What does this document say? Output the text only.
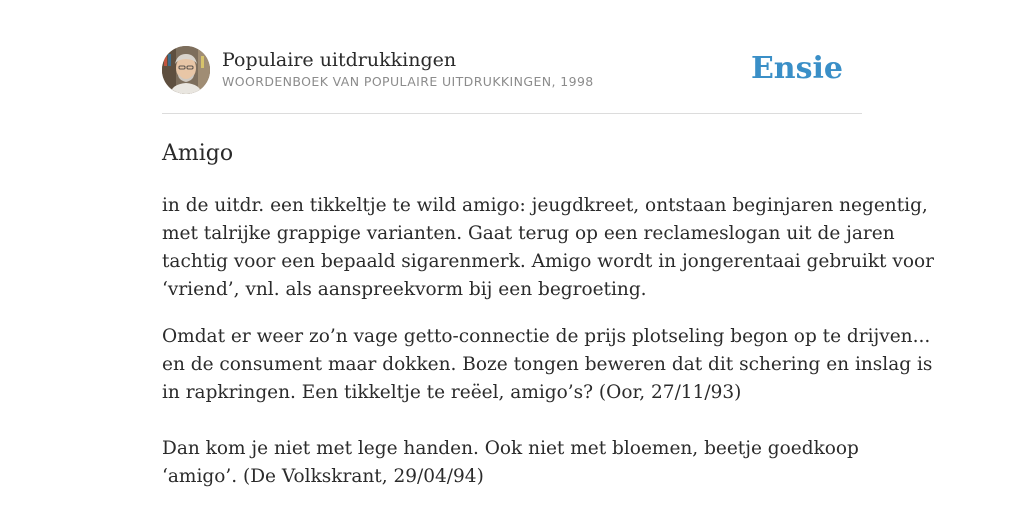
Populaire uitdrukkingen
WOORDENBOEK VAN POPULAIRE UITDRUKKINGEN, 1998	Ensie
Amigo
in de uitdr. een tikkeltje te wild amigo: jeugdkreet, ontstaan beginjaren negentig,
met talrijke grappige varianten. Gaat terug op een reclameslogan uit de jaren
tachtig voor een bepaald sigarenmerk. Amigo wordt in jongerentaai gebruikt voor
‘vriend’, vnl. als aanspreekvorm bij een begroeting.
Omdat er weer zo’n vage getto-connectie de prijs plotseling begon op te drijven...
en de consument maar dokken. Boze tongen beweren dat dit schering en inslag is
in rapkringen. Een tikkeltje te reëel, amigo’s? (Oor, 27/11/93)
Dan kom je niet met lege handen. Ook niet met bloemen, beetje goedkoop
‘amigo’. (De Volkskrant, 29/04/94)
